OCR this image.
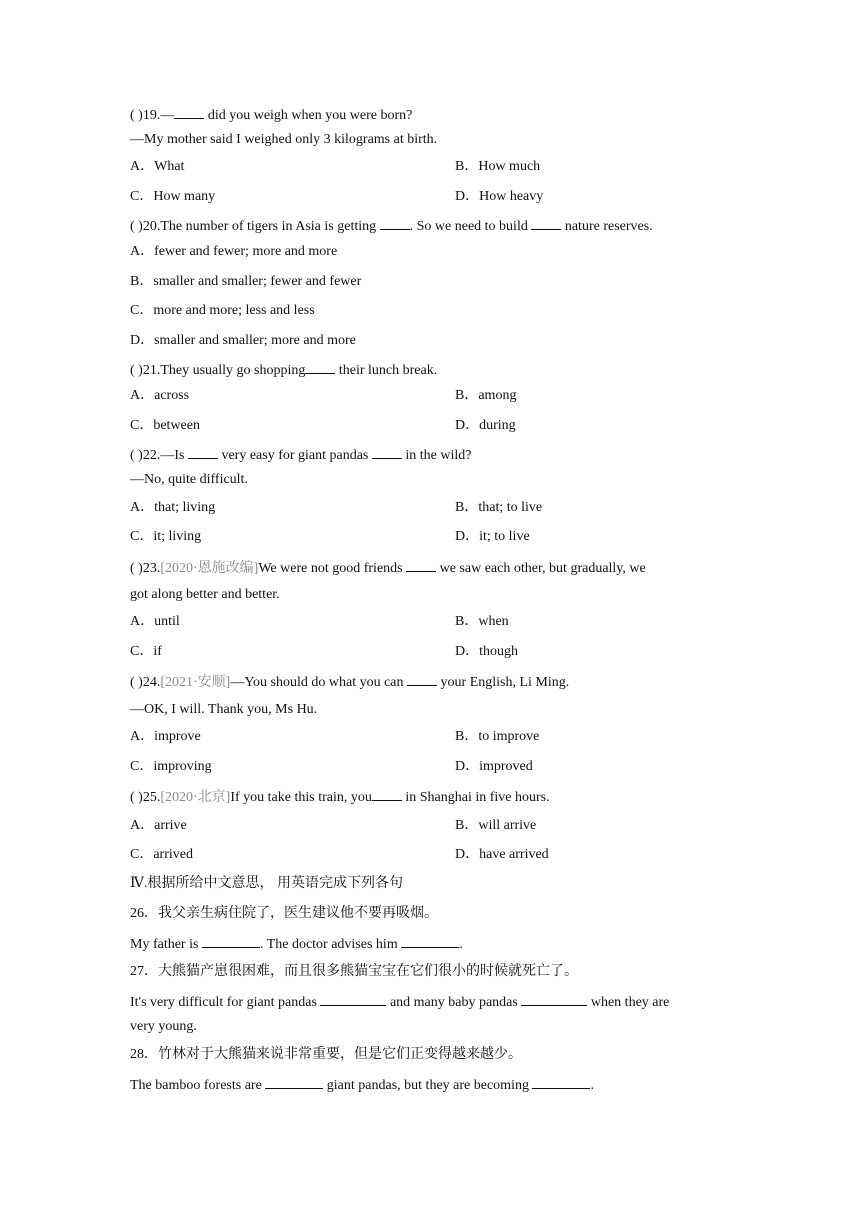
( )19.— did you weigh when you were born?
—My mother said I weighed only 3 kilograms at birth.
A．What	B．How much
C．How many	D．How heavy
( )20.The number of tigers in Asia is getting . So we need to build  nature reserves.
A．fewer and fewer; more and more
B．smaller and smaller; fewer and fewer
C．more and more; less and less
D．smaller and smaller; more and more
( )21.They usually go shopping their lunch break.
A．across	B．among
C．between	D．during
( )22.—Is  very easy for giant pandas  in the wild?
—No, quite difficult.
A．that; living	B．that; to live
C．it; living	D．it; to live
( )23.[2020·恩施改编]We were not good friends  we saw each other, but gradually, we
got along better and better.
A．until	B．when
C．if	D．though
( )24.[2021·安顺]—You should do what you can  your English, Li Ming.
—OK, I will. Thank you, Ms Hu.
A．improve	B．to improve
C．improving	D．improved
( )25.[2020·北京]If you take this train, you in Shanghai in five hours.
A．arrive	B．will arrive
C．arrived	D．have arrived
Ⅳ.根据所给中文意思， 用英语完成下列各句
26．我父亲生病住院了，医生建议他不要再吸烟。
My father is	. The doctor advises him	.
27．大熊猫产崽很困难，而且很多熊猫宝宝在它们很小的时候就死亡了。
It's very difficult for giant pandas	and many baby pandas	when they are
very young.
28．竹林对于大熊猫来说非常重要，但是它们正变得越来越少。
The bamboo forests are	giant pandas, but they are becoming	.
